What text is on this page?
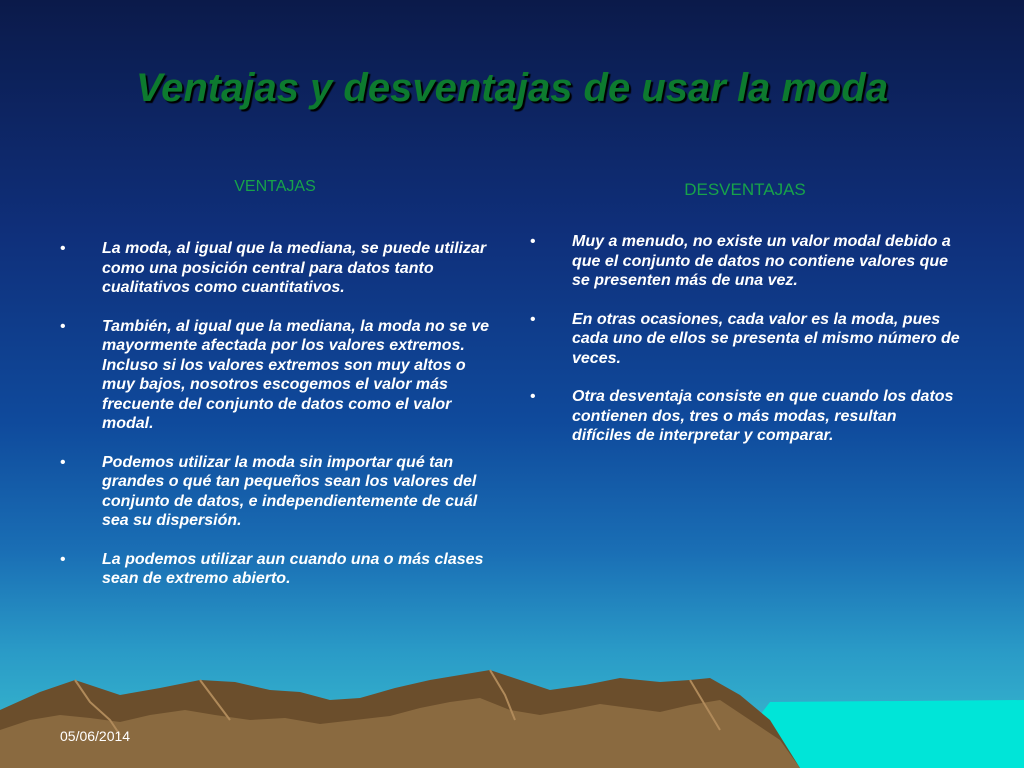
Ventajas y desventajas de usar la moda
VENTAJAS
• La moda, al igual que la mediana, se puede utilizar como una posición central para datos tanto cualitativos como cuantitativos.
• También, al igual que la mediana, la moda no se ve mayormente afectada por los valores extremos. Incluso si los valores extremos son muy altos o muy bajos, nosotros escogemos el valor más frecuente del conjunto de datos como el valor modal.
• Podemos utilizar la moda sin importar qué tan grandes o qué tan pequeños sean los valores del conjunto de datos, e independientemente de cuál sea su dispersión.
• La podemos utilizar aun cuando una o más clases sean de extremo abierto.
DESVENTAJAS
• Muy a menudo, no existe un valor modal debido a que el conjunto de datos no contiene valores que se presenten más de una vez.
• En otras ocasiones, cada valor es la moda, pues cada uno de ellos se presenta el mismo número de veces.
• Otra desventaja consiste en que cuando los datos contienen dos, tres o más modas, resultan difíciles de interpretar y comparar.
05/06/2014
